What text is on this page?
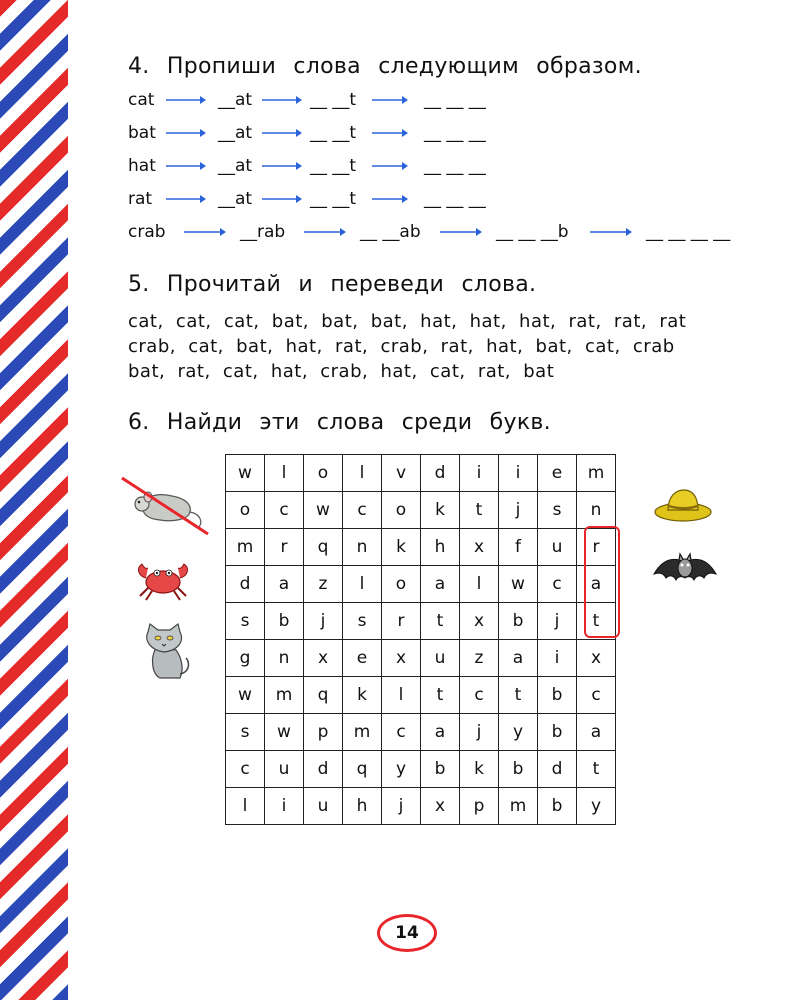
4. Пропиши слова следующим образом.
cat	__at	__ __t	__ __ __
bat	__at	__ __t	__ __ __
hat	__at	__ __t	__ __ __
rat	__at	__ __t	__ __ __
crab	__rab	__ __ab	__ __ __b	__ __ __ __
5. Прочитай и переведи слова.
cat, cat, cat, bat, bat, bat, hat, hat, hat, rat, rat, rat
crab, cat, bat, hat, rat, crab, rat, hat, bat, cat, crab
bat, rat, cat, hat, crab, hat, cat, rat, bat
6. Найди эти слова среди букв.
w	l	o	l	v	d	i	i	e	m
o	c	w	c	o	k	t	j	s	n
m	r	q	n	k	h	x	f	u	r
d	a	z	l	o	a	l	w	c	a
s	b	j	s	r	t	x	b	j	t
g	n	x	e	x	u	z	a	i	x
w	m	q	k	l	t	c	t	b	c
s	w	p	m	c	a	j	y	b	a
c	u	d	q	y	b	k	b	d	t
l	i	u	h	j	x	p	m	b	y
14
